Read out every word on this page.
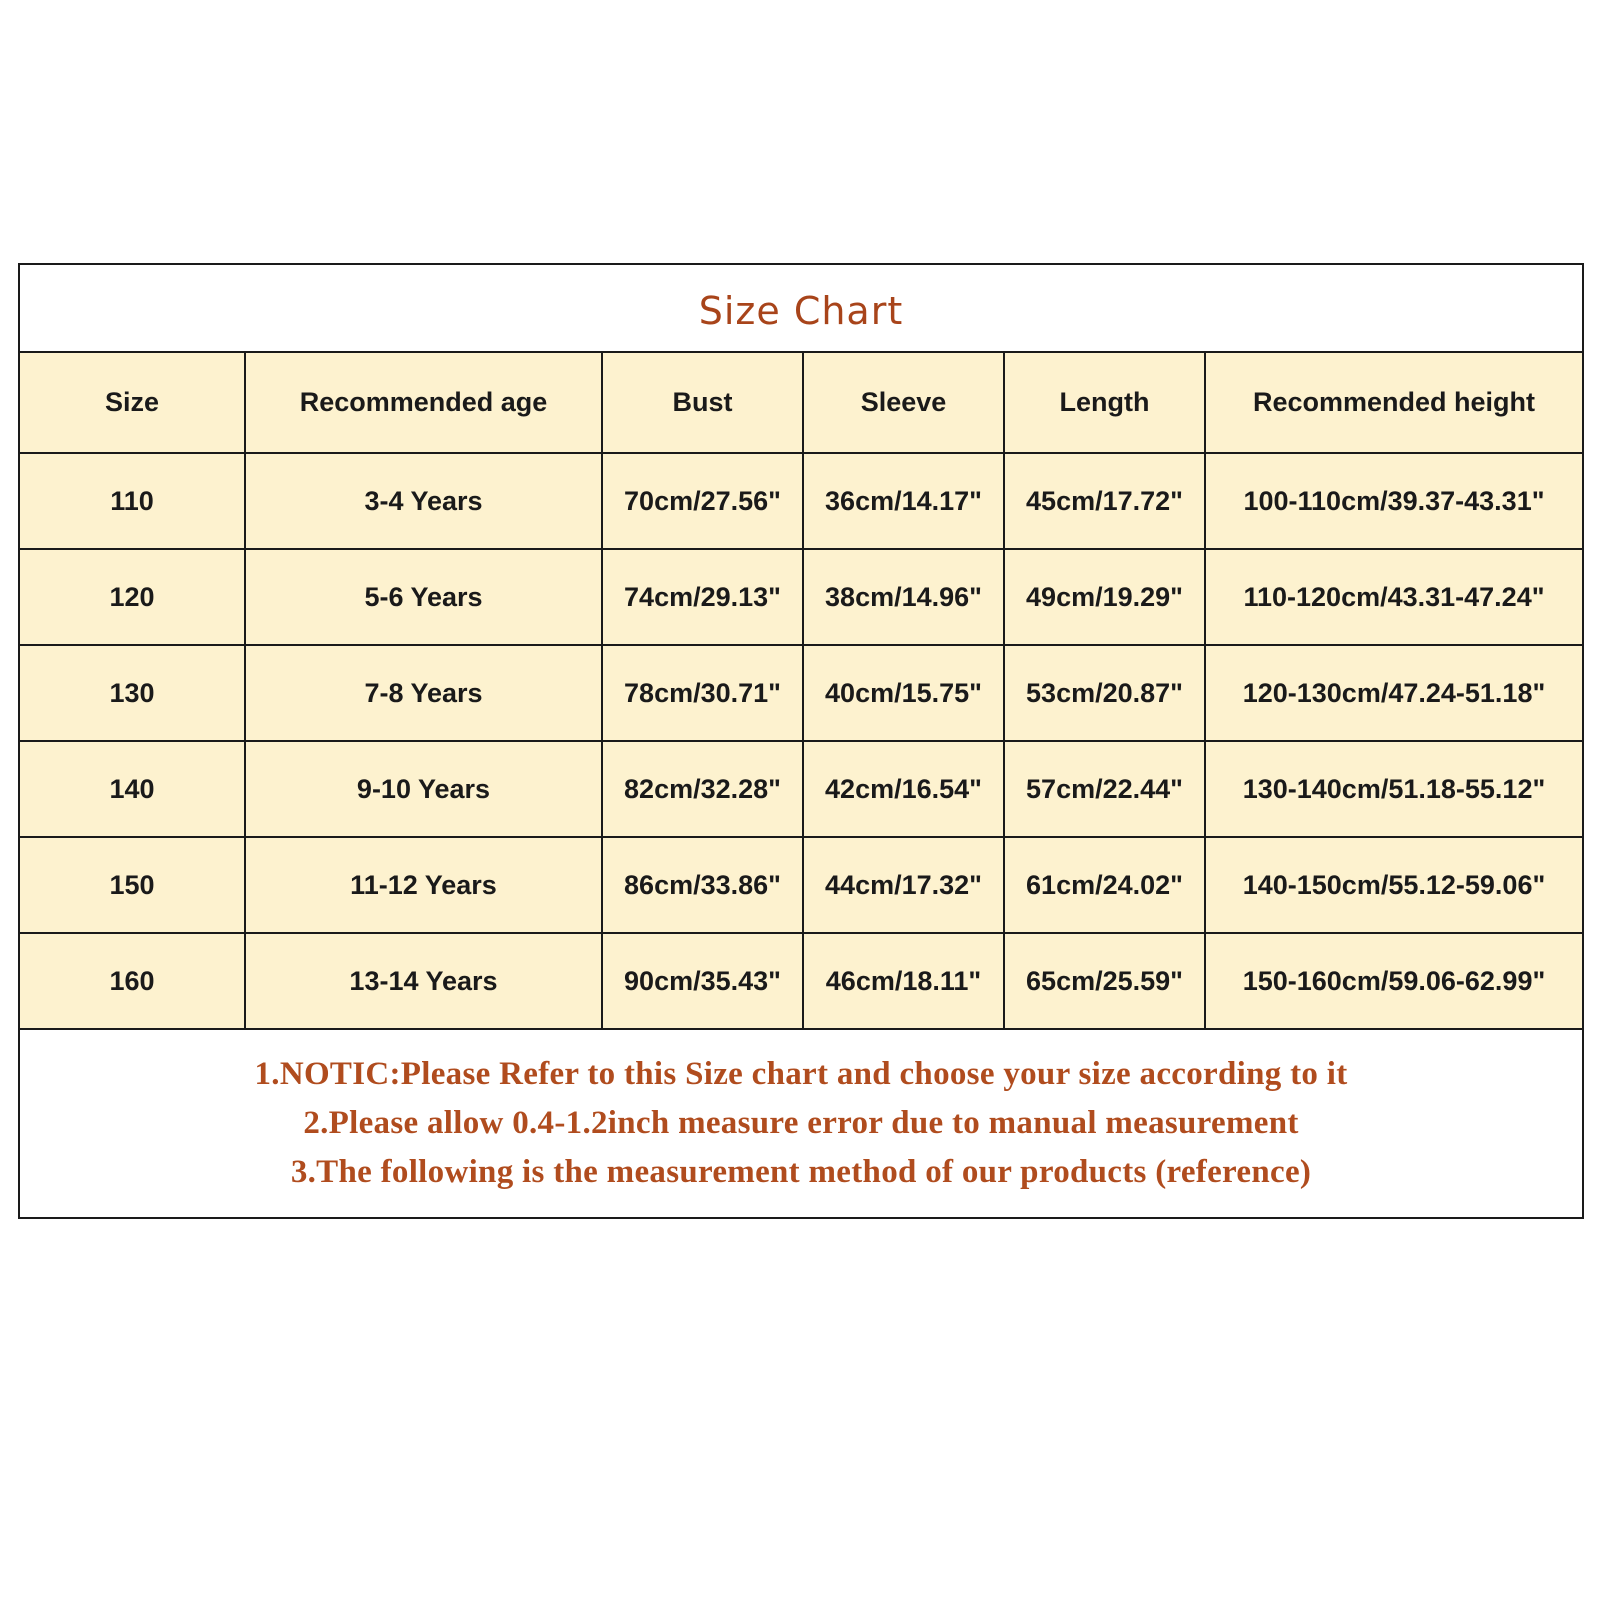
Size Chart
Size	Recommended age	Bust	Sleeve	Length	Recommended height
110	3-4 Years	70cm/27.56"	36cm/14.17"	45cm/17.72"	100-110cm/39.37-43.31"
120	5-6 Years	74cm/29.13"	38cm/14.96"	49cm/19.29"	110-120cm/43.31-47.24"
130	7-8 Years	78cm/30.71"	40cm/15.75"	53cm/20.87"	120-130cm/47.24-51.18"
140	9-10 Years	82cm/32.28"	42cm/16.54"	57cm/22.44"	130-140cm/51.18-55.12"
150	11-12 Years	86cm/33.86"	44cm/17.32"	61cm/24.02"	140-150cm/55.12-59.06"
160	13-14 Years	90cm/35.43"	46cm/18.11"	65cm/25.59"	150-160cm/59.06-62.99"
1.NOTIC:Please Refer to this Size chart and choose your size according to it
2.Please allow 0.4-1.2inch measure error due to manual measurement
3.The following is the measurement method of our products (reference)
